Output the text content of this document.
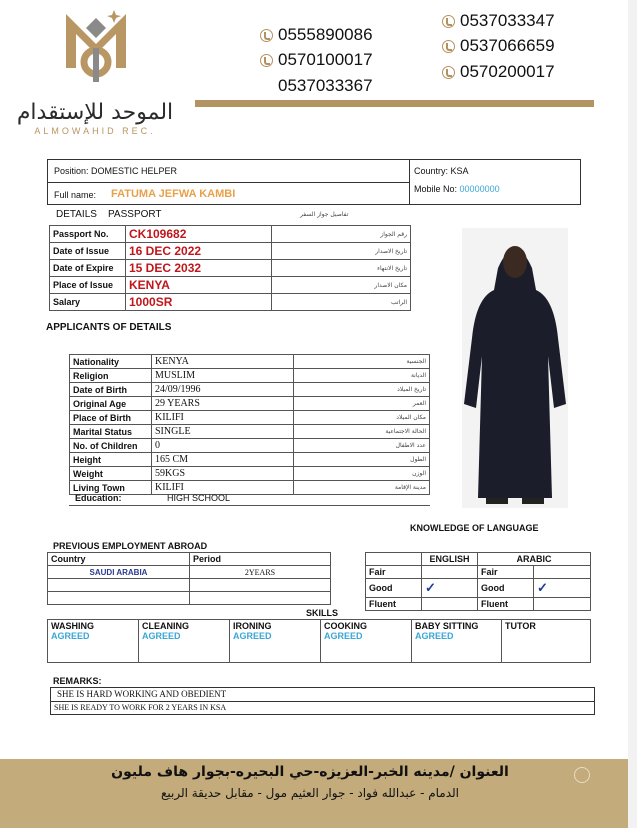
الموحد للإستقدام
ALMOWAHID REC.
0555890086
0570100017
0537033367
0537033347
0537066659
0570200017
Position: DOMESTIC HELPER	Country: KSA
Full name: FATUMA JEFWA KAMBI	Mobile No: 00000000
DETAILS PASSPORT	تفاصيل جواز السفر
Passport No.	CK109682	رقم الجواز
Date of Issue	16 DEC 2022	تاريخ الاصدار
Date of Expire	15 DEC 2032	تاريخ الانتهاء
Place of Issue	KENYA	مكان الاصدار
Salary	1000SR	الراتب
APPLICANTS OF DETAILS
Nationality	KENYA	الجنسية
Religion	MUSLIM	الديانة
Date of Birth	24/09/1996	تاريخ الميلاد
Original Age	29 YEARS	العمر
Place of Birth	KILIFI	مكان الميلاد
Marital Status	SINGLE	الحالة الاجتماعية
No. of Children	0	عدد الاطفال
Height	165 CM	الطول
Weight	59KGS	الوزن
Living Town	KILIFI	مدينة الإقامة
Education:	HIGH SCHOOL
KNOWLEDGE OF LANGUAGE
	ENGLISH	ARABIC	
Fair		Fair	
Good	✓	Good	✓
Fluent		Fluent	
PREVIOUS EMPLOYMENT ABROAD
Country	Period
SAUDI ARABIA	2YEARS

SKILLS
WASHING
AGREED

CLEANING
AGREED

IRONING
AGREED

COOKING
AGREED

BABY SITTING
AGREED

TUTOR
REMARKS:
SHE IS HARD WORKING AND OBEDIENT
SHE IS READY TO WORK FOR 2 YEARS IN KSA
العنوان /مدينه الخبر-العزيزه-حي البحيره-بجوار هاف مليون
الدمام - عبدالله فواد - جوار العثيم مول - مقابل حديقة الربيع
